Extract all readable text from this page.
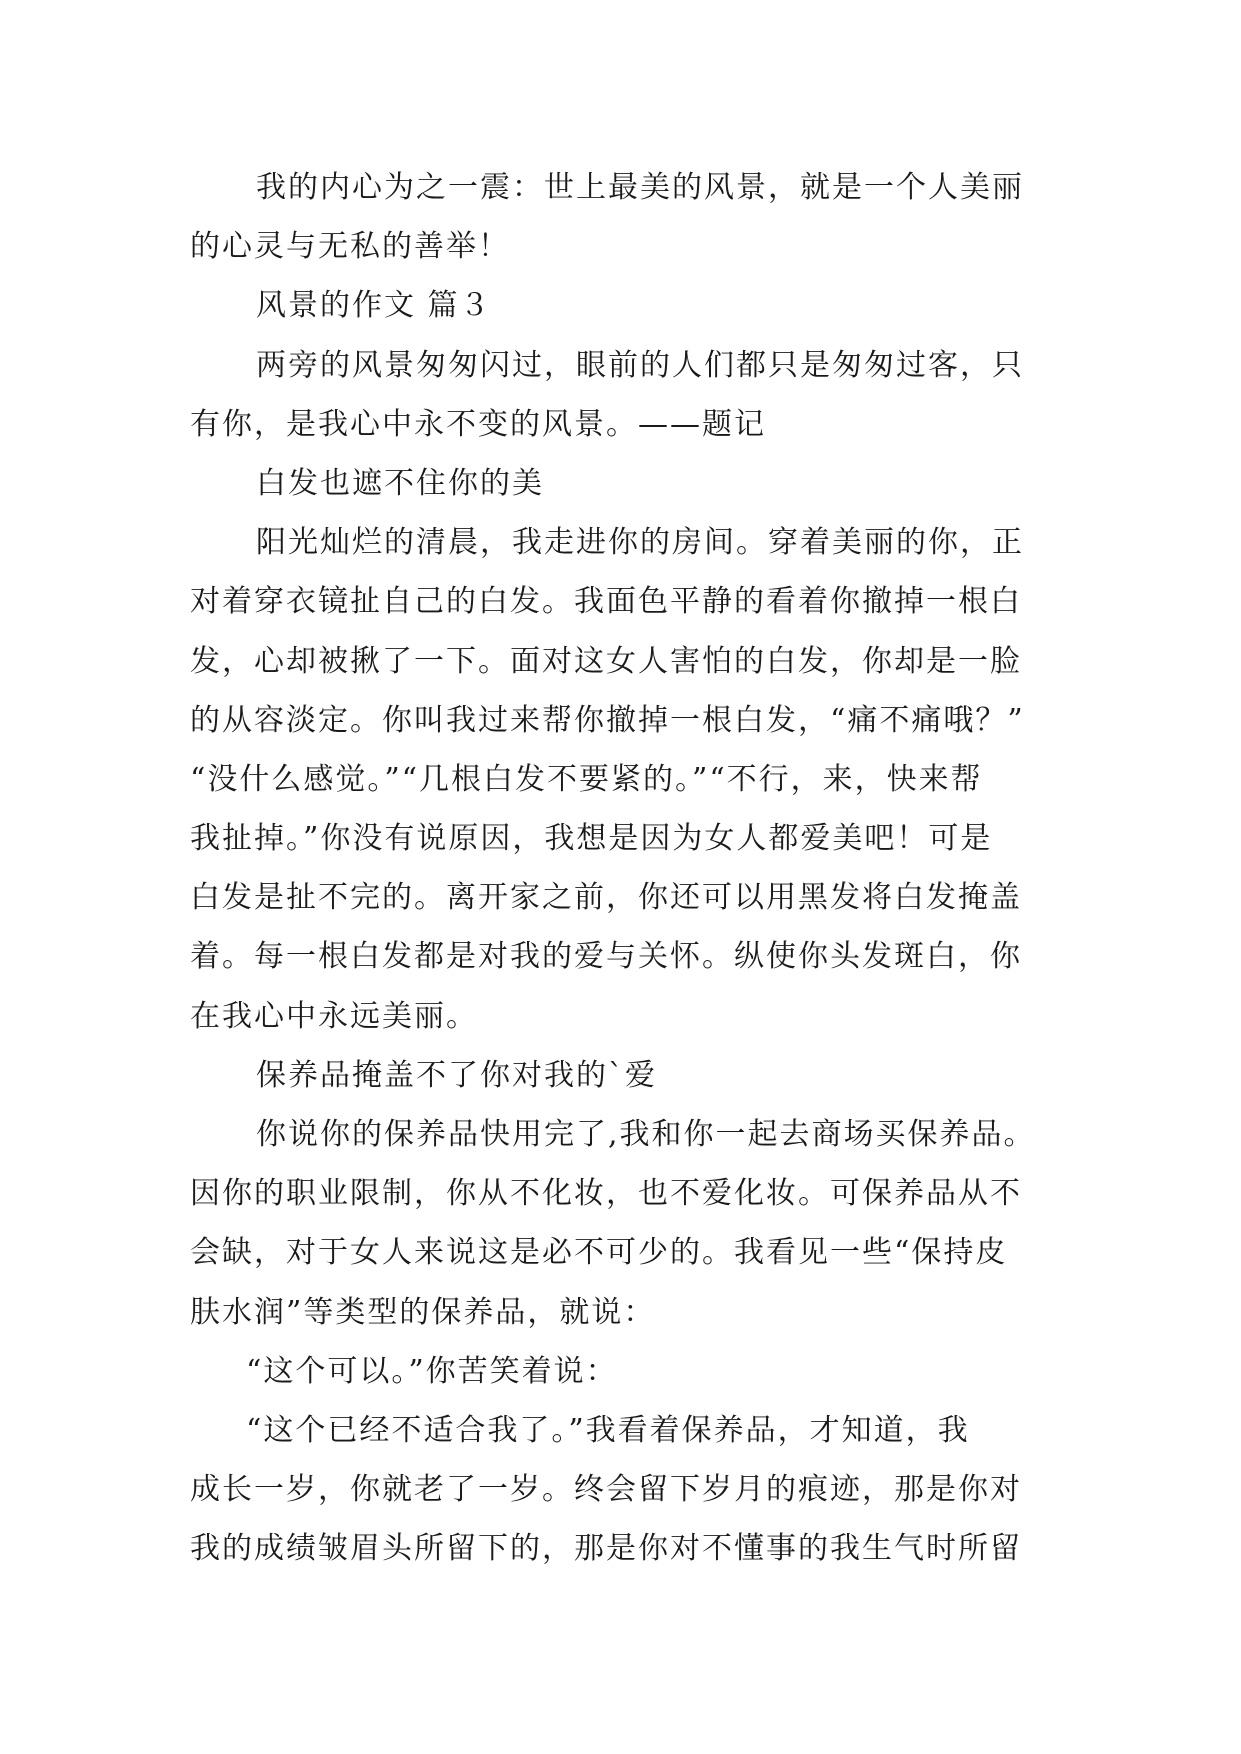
我的内心为之一震：世上最美的风景，就是一个人美丽
的心灵与无私的善举！
风景的作文 篇３
两旁的风景匆匆闪过，眼前的人们都只是匆匆过客，只
有你，是我心中永不变的风景。——题记
白发也遮不住你的美
阳光灿烂的清晨，我走进你的房间。穿着美丽的你，正
对着穿衣镜扯自己的白发。我面色平静的看着你撤掉一根白
发，心却被揪了一下。面对这女人害怕的白发，你却是一脸
的从容淡定。你叫我过来帮你撤掉一根白发，“痛不痛哦？”
“没什么感觉。”“几根白发不要紧的。”“不行，来，快来帮
我扯掉。”你没有说原因，我想是因为女人都爱美吧！可是
白发是扯不完的。离开家之前，你还可以用黑发将白发掩盖
着。每一根白发都是对我的爱与关怀。纵使你头发斑白，你
在我心中永远美丽。
保养品掩盖不了你对我的`爱
你说你的保养品快用完了,我和你一起去商场买保养品。
因你的职业限制，你从不化妆，也不爱化妆。可保养品从不
会缺，对于女人来说这是必不可少的。我看见一些“保持皮
肤水润”等类型的保养品，就说：
“这个可以。”你苦笑着说：
“这个已经不适合我了。”我看着保养品，才知道，我
成长一岁，你就老了一岁。终会留下岁月的痕迹，那是你对
我的成绩皱眉头所留下的，那是你对不懂事的我生气时所留
